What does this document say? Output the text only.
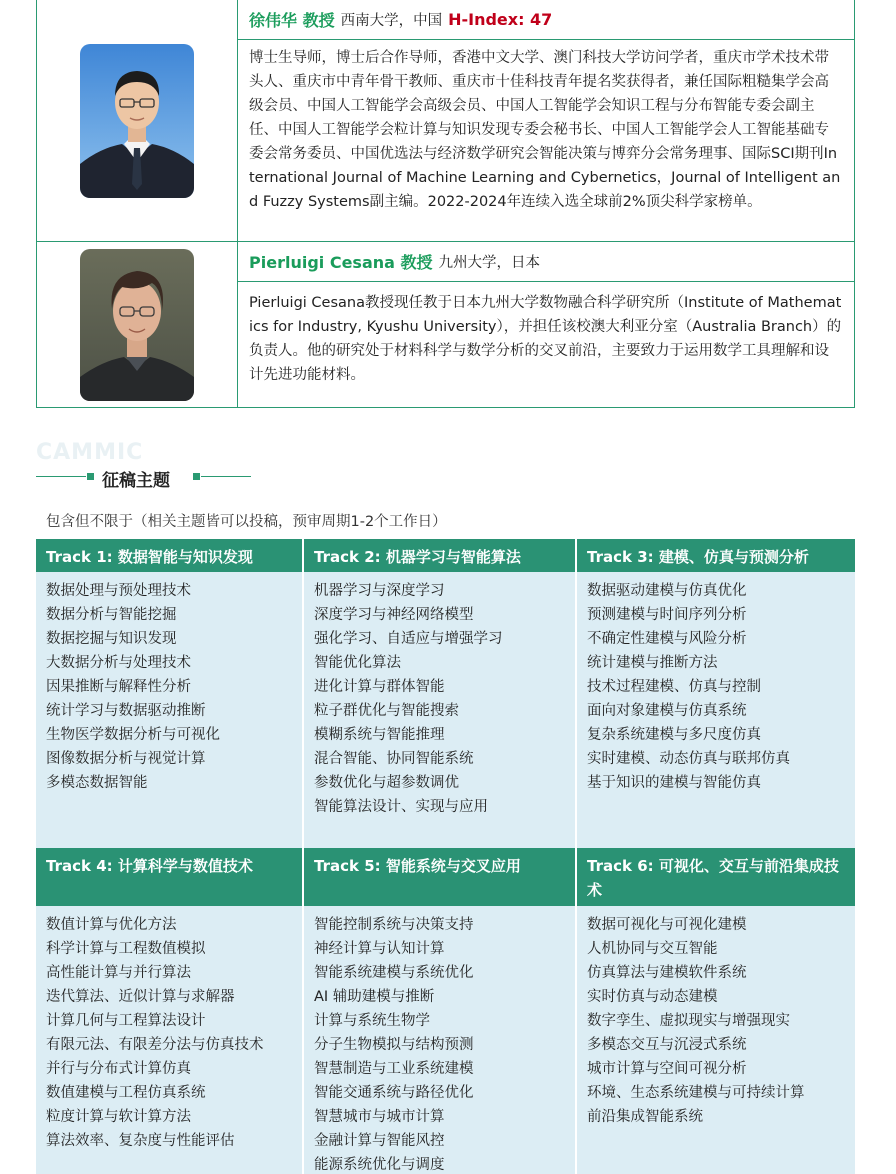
徐伟华 教授 西南大学，中国 H-Index: 47
博士生导师，博士后合作导师，香港中文大学、澳门科技大学访问学者，重庆市学术技术带头人、重庆市中青年骨干教师、重庆市十佳科技青年提名奖获得者，兼任国际粗糙集学会高级会员、中国人工智能学会高级会员、中国人工智能学会知识工程与分布智能专委会副主任、中国人工智能学会粒计算与知识发现专委会秘书长、中国人工智能学会人工智能基础专委会常务委员、中国优选法与经济数学研究会智能决策与博弈分会常务理事、国际SCI期刊International Journal of Machine Learning and Cybernetics，Journal of Intelligent and Fuzzy Systems副主编。2022-2024年连续入选全球前2%顶尖科学家榜单。
Pierluigi Cesana 教授 九州大学，日本
Pierluigi Cesana教授现任教于日本九州大学数物融合科学研究所（Institute of Mathematics for Industry, Kyushu University），并担任该校澳大利亚分室（Australia Branch）的负责人。他的研究处于材料科学与数学分析的交叉前沿，主要致力于运用数学工具理解和设计先进功能材料。
CAMMIC
征稿主题
包含但不限于（相关主题皆可以投稿，预审周期1-2个工作日）
Track 1: 数据智能与知识发现
数据处理与预处理技术
数据分析与智能挖掘
数据挖掘与知识发现
大数据分析与处理技术
因果推断与解释性分析
统计学习与数据驱动推断
生物医学数据分析与可视化
图像数据分析与视觉计算
多模态数据智能
Track 2: 机器学习与智能算法
机器学习与深度学习
深度学习与神经网络模型
强化学习、自适应与增强学习
智能优化算法
进化计算与群体智能
粒子群优化与智能搜索
模糊系统与智能推理
混合智能、协同智能系统
参数优化与超参数调优
智能算法设计、实现与应用
Track 3: 建模、仿真与预测分析
数据驱动建模与仿真优化
预测建模与时间序列分析
不确定性建模与风险分析
统计建模与推断方法
技术过程建模、仿真与控制
面向对象建模与仿真系统
复杂系统建模与多尺度仿真
实时建模、动态仿真与联邦仿真
基于知识的建模与智能仿真
Track 4: 计算科学与数值技术
数值计算与优化方法
科学计算与工程数值模拟
高性能计算与并行算法
迭代算法、近似计算与求解器
计算几何与工程算法设计
有限元法、有限差分法与仿真技术
并行与分布式计算仿真
数值建模与工程仿真系统
粒度计算与软计算方法
算法效率、复杂度与性能评估
Track 5: 智能系统与交叉应用
智能控制系统与决策支持
神经计算与认知计算
智能系统建模与系统优化
AI 辅助建模与推断
计算与系统生物学
分子生物模拟与结构预测
智慧制造与工业系统建模
智能交通系统与路径优化
智慧城市与城市计算
金融计算与智能风控
能源系统优化与调度
Track 6: 可视化、交互与前沿集成技术
数据可视化与可视化建模
人机协同与交互智能
仿真算法与建模软件系统
实时仿真与动态建模
数字孪生、虚拟现实与增强现实
多模态交互与沉浸式系统
城市计算与空间可视分析
环境、生态系统建模与可持续计算
前沿集成智能系统
